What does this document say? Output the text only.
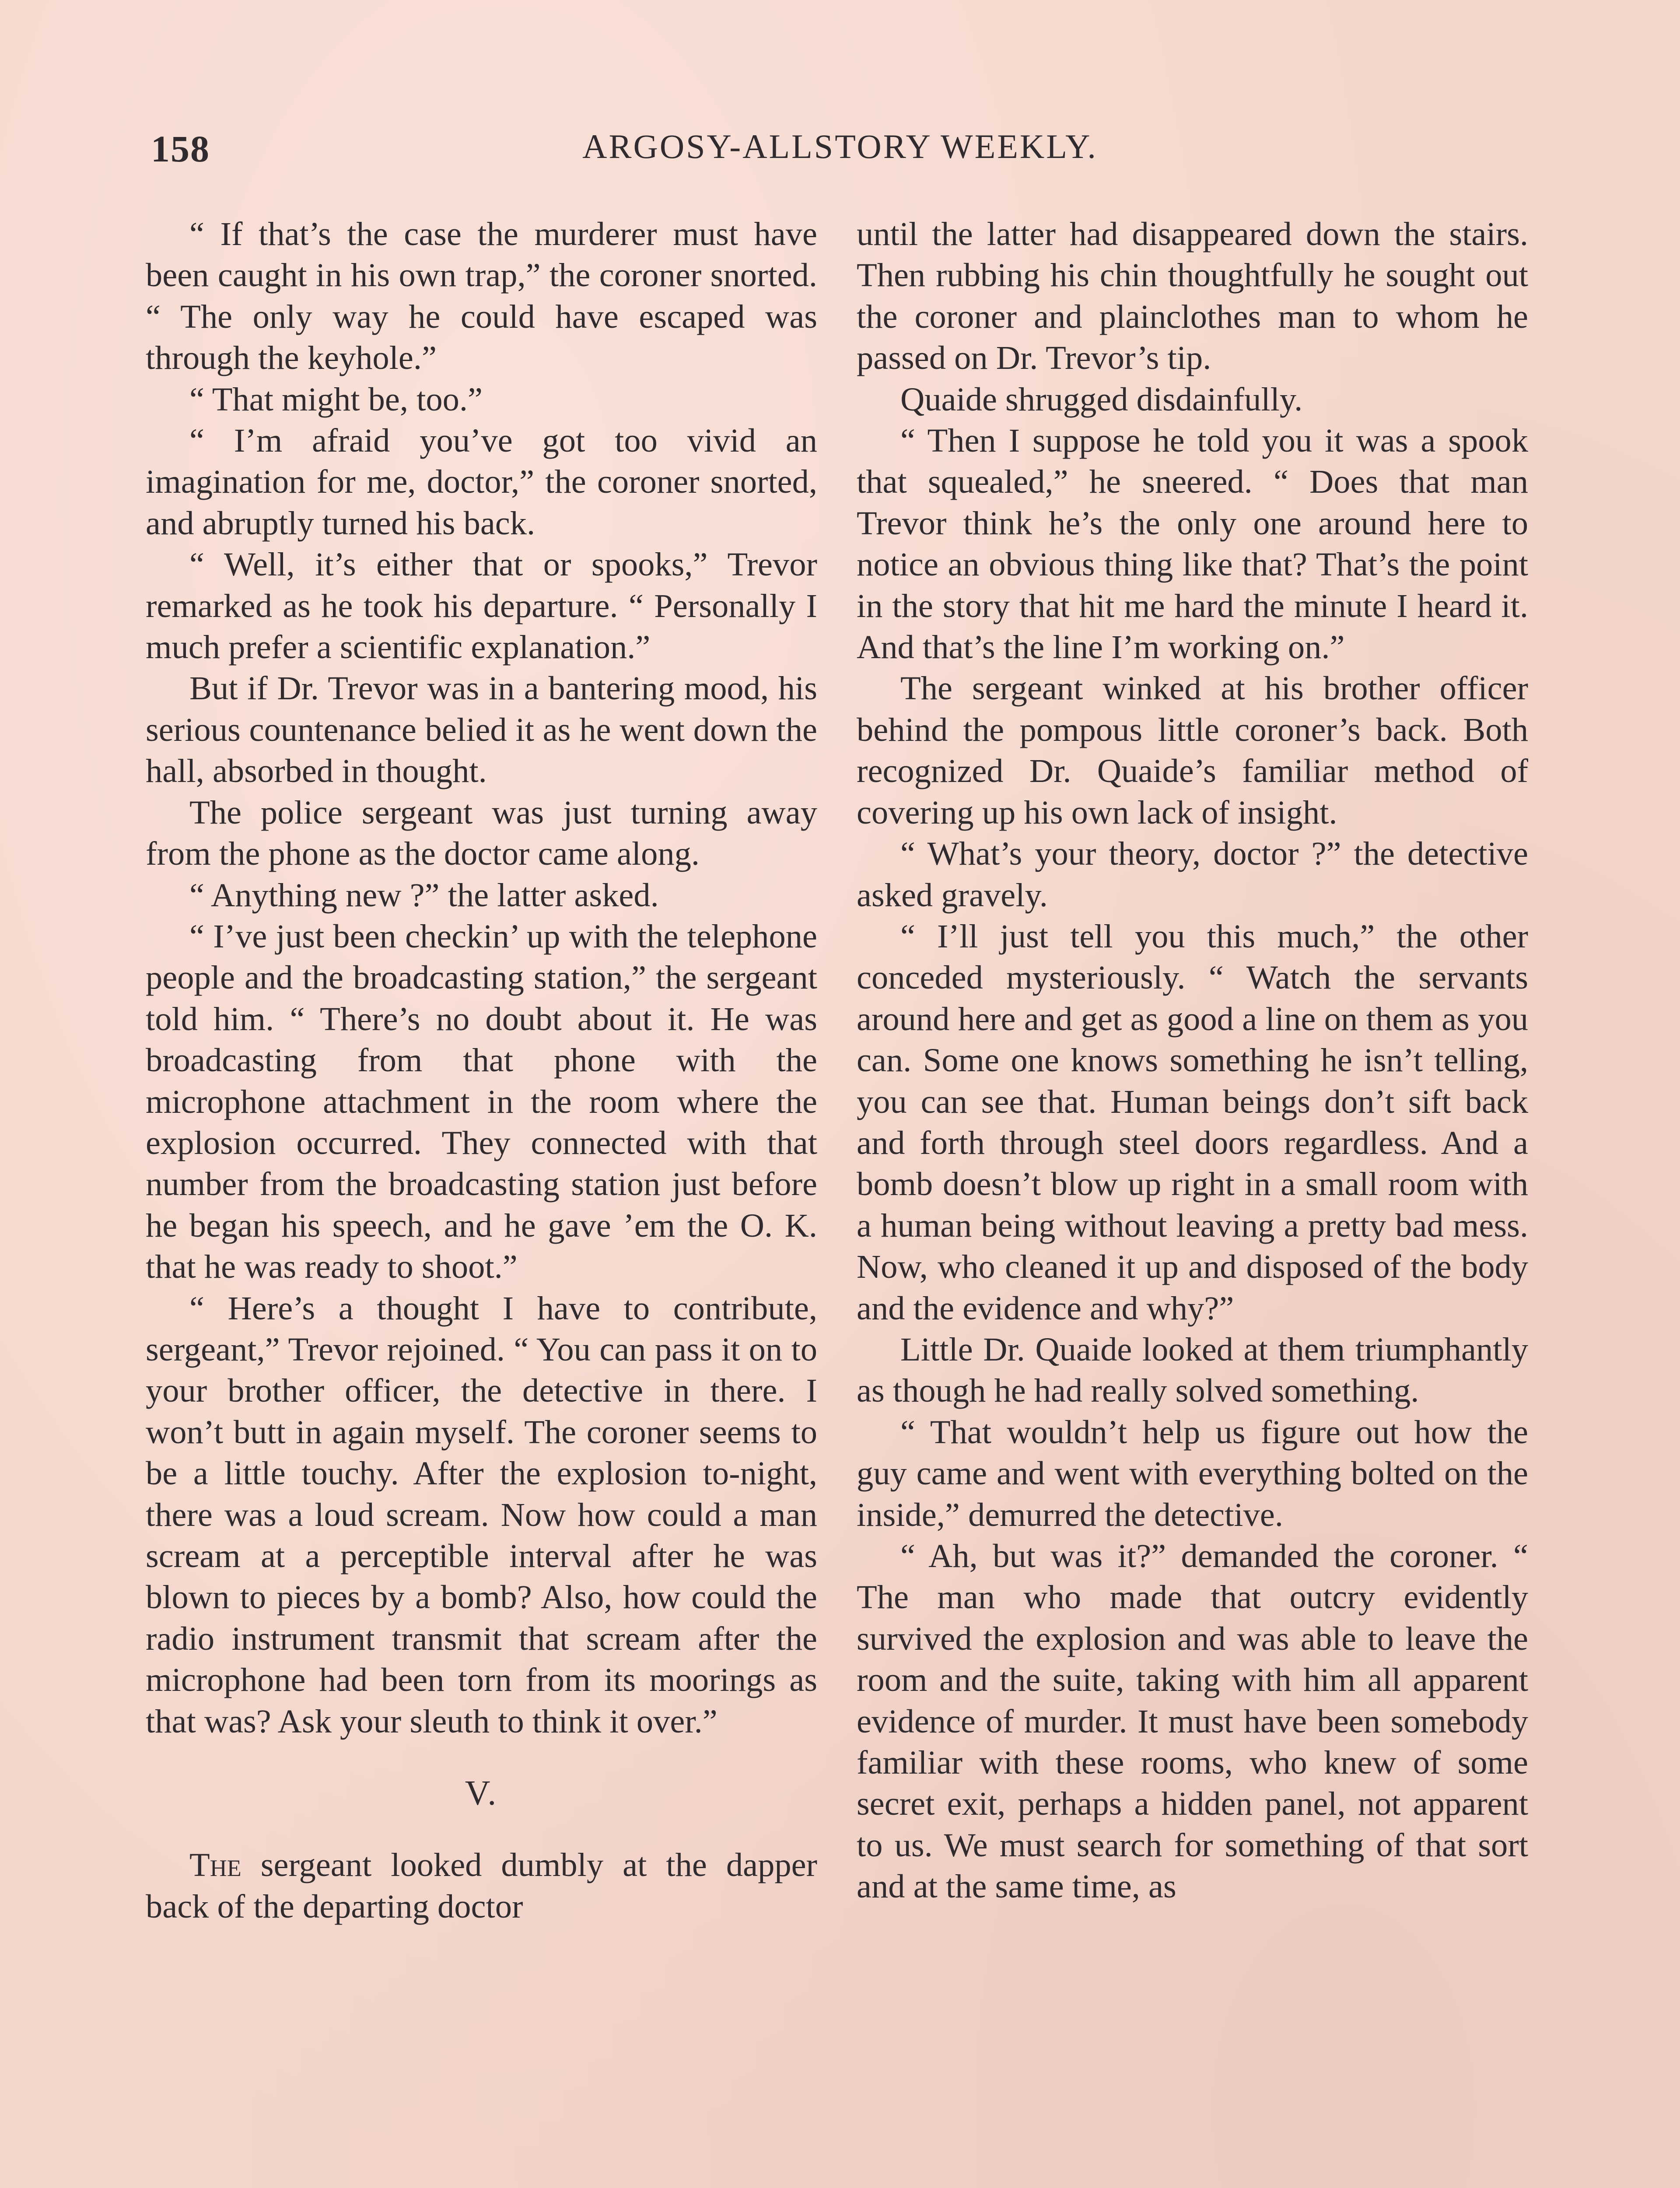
158	ARGOSY-ALLSTORY WEEKLY.

“ If that’s the case the murderer must have been caught in his own trap,” the coroner snorted. “ The only way he could have escaped was through the keyhole.”

“ That might be, too.”

“ I’m afraid you’ve got too vivid an imagination for me, doctor,” the coroner snorted, and abruptly turned his back.

“ Well, it’s either that or spooks,” Trevor remarked as he took his departure. “ Personally I much prefer a scientific explanation.”

But if Dr. Trevor was in a bantering mood, his serious countenance belied it as he went down the hall, absorbed in thought.

The police sergeant was just turning away from the phone as the doctor came along.

“ Anything new ?” the latter asked.

“ I’ve just been checkin’ up with the telephone people and the broadcasting station,” the sergeant told him. “ There’s no doubt about it. He was broadcasting from that phone with the microphone attachment in the room where the explosion occurred. They connected with that number from the broadcasting station just before he began his speech, and he gave ’em the O. K. that he was ready to shoot.”

“ Here’s a thought I have to contribute, sergeant,” Trevor rejoined. “ You can pass it on to your brother officer, the detective in there. I won’t butt in again myself. The coroner seems to be a little touchy. After the explosion to-night, there was a loud scream. Now how could a man scream at a perceptible interval after he was blown to pieces by a bomb? Also, how could the radio instrument transmit that scream after the microphone had been torn from its moorings as that was? Ask your sleuth to think it over.”

V.

The sergeant looked dumbly at the dapper back of the departing doctor

until the latter had disappeared down the stairs. Then rubbing his chin thoughtfully he sought out the coroner and plainclothes man to whom he passed on Dr. Trevor’s tip.

Quaide shrugged disdainfully.

“ Then I suppose he told you it was a spook that squealed,” he sneered. “ Does that man Trevor think he’s the only one around here to notice an obvious thing like that? That’s the point in the story that hit me hard the minute I heard it. And that’s the line I’m working on.”

The sergeant winked at his brother officer behind the pompous little coroner’s back. Both recognized Dr. Quaide’s familiar method of covering up his own lack of insight.

“ What’s your theory, doctor ?” the detective asked gravely.

“ I’ll just tell you this much,” the other conceded mysteriously. “ Watch the servants around here and get as good a line on them as you can. Some one knows something he isn’t telling, you can see that. Human beings don’t sift back and forth through steel doors regardless. And a bomb doesn’t blow up right in a small room with a human being without leaving a pretty bad mess. Now, who cleaned it up and disposed of the body and the evidence and why?”

Little Dr. Quaide looked at them triumphantly as though he had really solved something.

“ That wouldn’t help us figure out how the guy came and went with everything bolted on the inside,” demurred the detective.

“ Ah, but was it?” demanded the coroner. “ The man who made that outcry evidently survived the explosion and was able to leave the room and the suite, taking with him all apparent evidence of murder. It must have been somebody familiar with these rooms, who knew of some secret exit, perhaps a hidden panel, not apparent to us. We must search for something of that sort and at the same time, as
